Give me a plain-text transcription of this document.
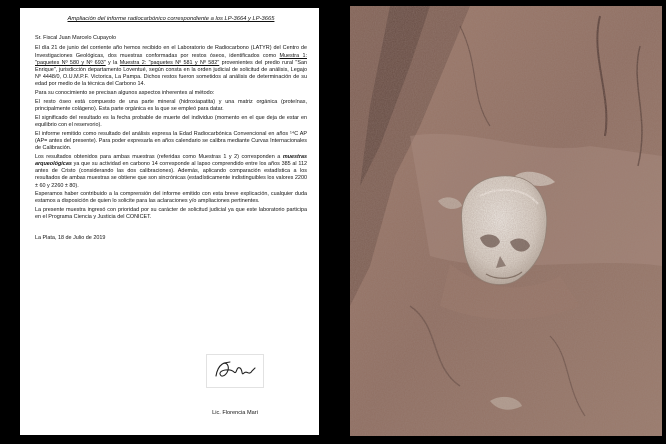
Ampliación del informe radiocarbónico correspondiente a los LP-3664 y LP-3665

Sr. Fiscal Juan Marcelo Cupayolo

El día 21 de junio del corriente año hemos recibido en el Laboratorio de Radiocarbono (LATYR) del Centro de Investigaciones Geológicas, dos muestras conformadas por restos óseos, identificados como Muestra 1: "paquetes Nº 580 y Nº 693" y la Muestra 2: "paquetes Nº 581 y Nº 582" provenientes del predio rural "San Enrique", jurisdicción departamento Loventué, según consta en la orden judicial de solicitud de análisis, Legajo Nº 4448/0, O.U.M.P.F. Victorica, La Pampa. Dichos restos fueron sometidos al análisis de determinación de su edad por medio de la técnica del Carbono 14.

Para su conocimiento se precisan algunos aspectos inherentes al método:

El resto óseo está compuesto de una parte mineral (hidroxiapatita) y una matriz orgánica (proteínas, principalmente colágeno). Esta parte orgánica es la que se empleó para datar.

El significado del resultado es la fecha probable de muerte del individuo (momento en el que deja de estar en equilibrio con el reservorio).

El informe remitido como resultado del análisis expresa la Edad Radiocarbónica Convencional en años ¹⁴C AP (AP= antes del presente). Para poder expresarla en años calendario se calibra mediante Curvas Internacionales de Calibración.

Los resultados obtenidos para ambas muestras (referidas como Muestras 1 y 2) corresponden a muestras arqueológicas ya que su actividad en carbono 14 corresponde al lapso comprendido entre los años 385 al 112 antes de Cristo (considerando las dos calibraciones). Además, aplicando comparación estadística a los resultados de ambas muestras se obtiene que son sincrónicas (estadísticamente indistinguibles los valores 2200 ± 60 y 2260 ± 80).

Esperamos haber contribuido a la comprensión del informe emitido con esta breve explicación, cualquier duda estamos a disposición de quien lo solicite para las aclaraciones y/o ampliaciones pertinentes.

La presente muestra ingresó con prioridad por su carácter de solicitud judicial ya que este laboratorio participa en el Programa Ciencia y Justicia del CONICET.

La Plata, 18 de Julio de 2019

Lic. Florencia Mari
